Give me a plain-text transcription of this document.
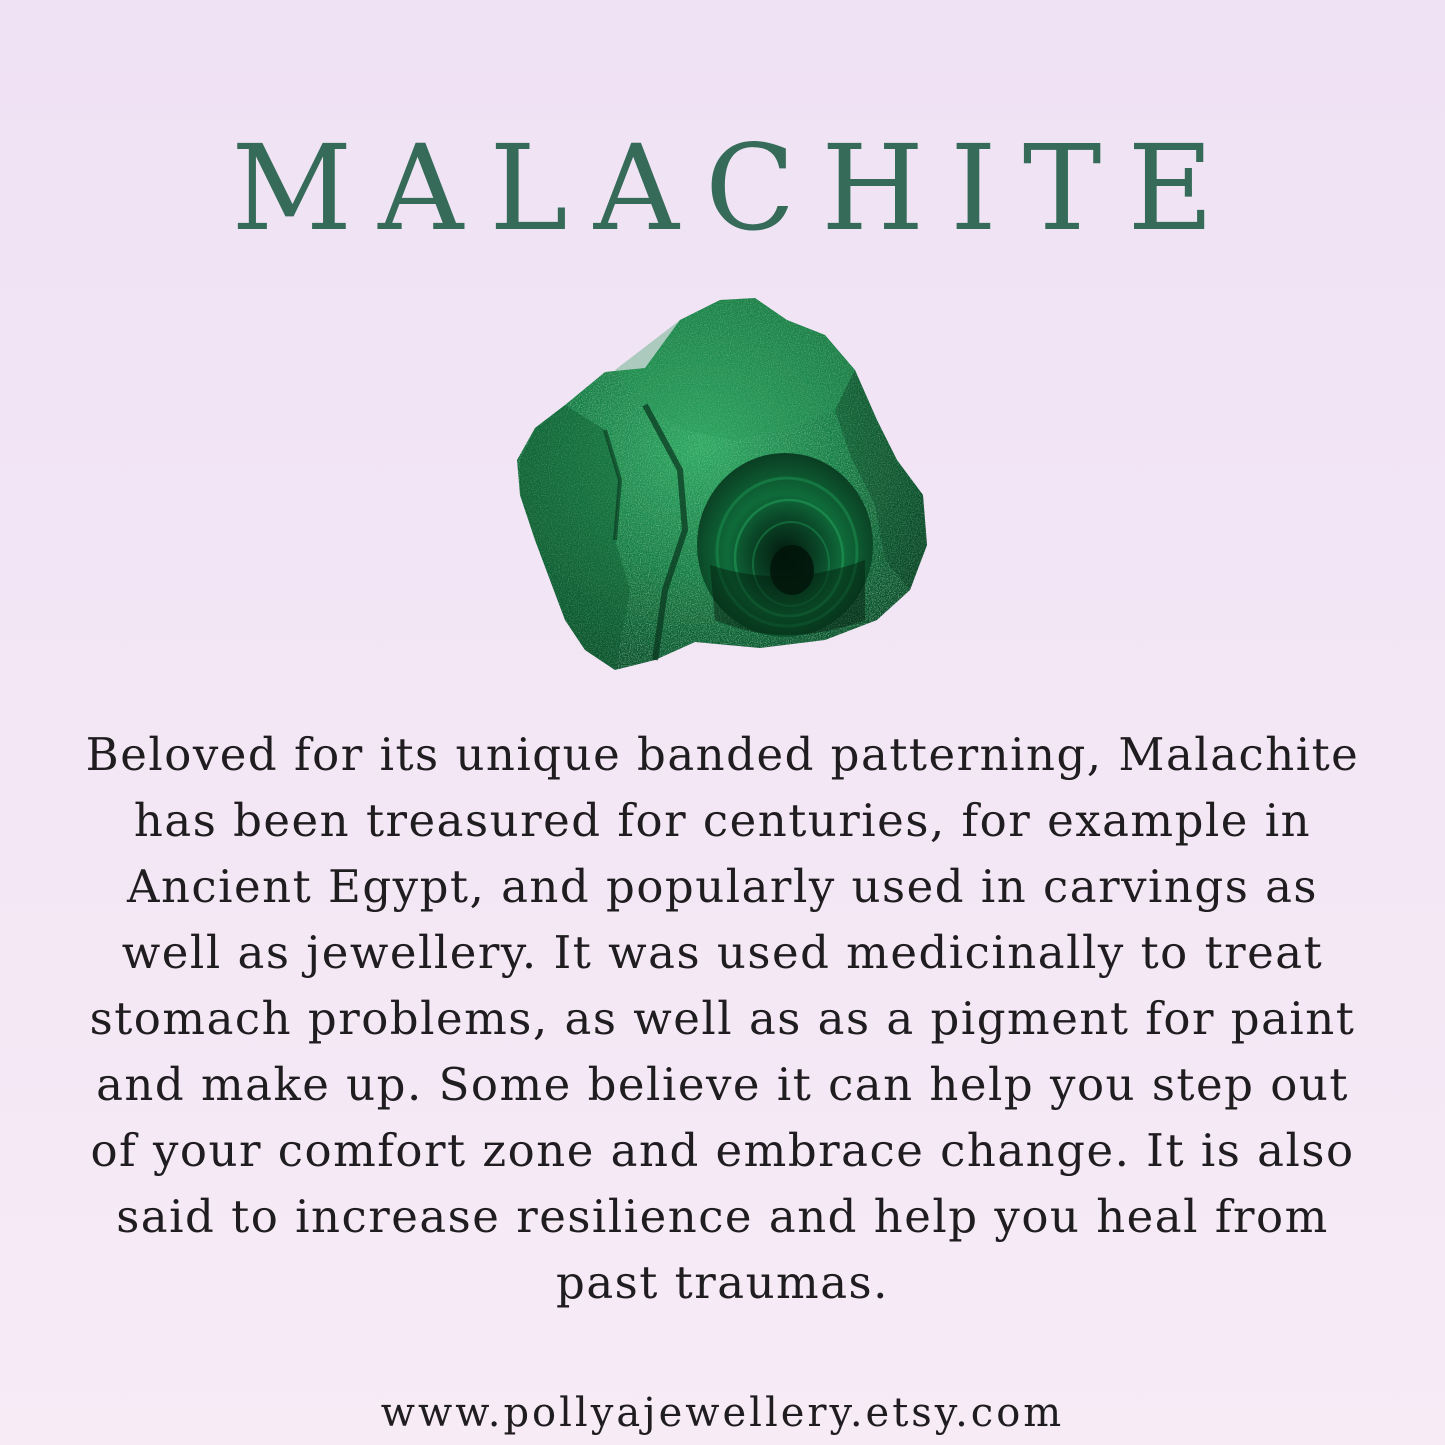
MALACHITE

Beloved for its unique banded patterning, Malachite has been treasured for centuries, for example in Ancient Egypt, and popularly used in carvings as well as jewellery. It was used medicinally to treat stomach problems, as well as as a pigment for paint and make up. Some believe it can help you step out of your comfort zone and embrace change. It is also said to increase resilience and help you heal from past traumas.

www.pollyajewellery.etsy.com
